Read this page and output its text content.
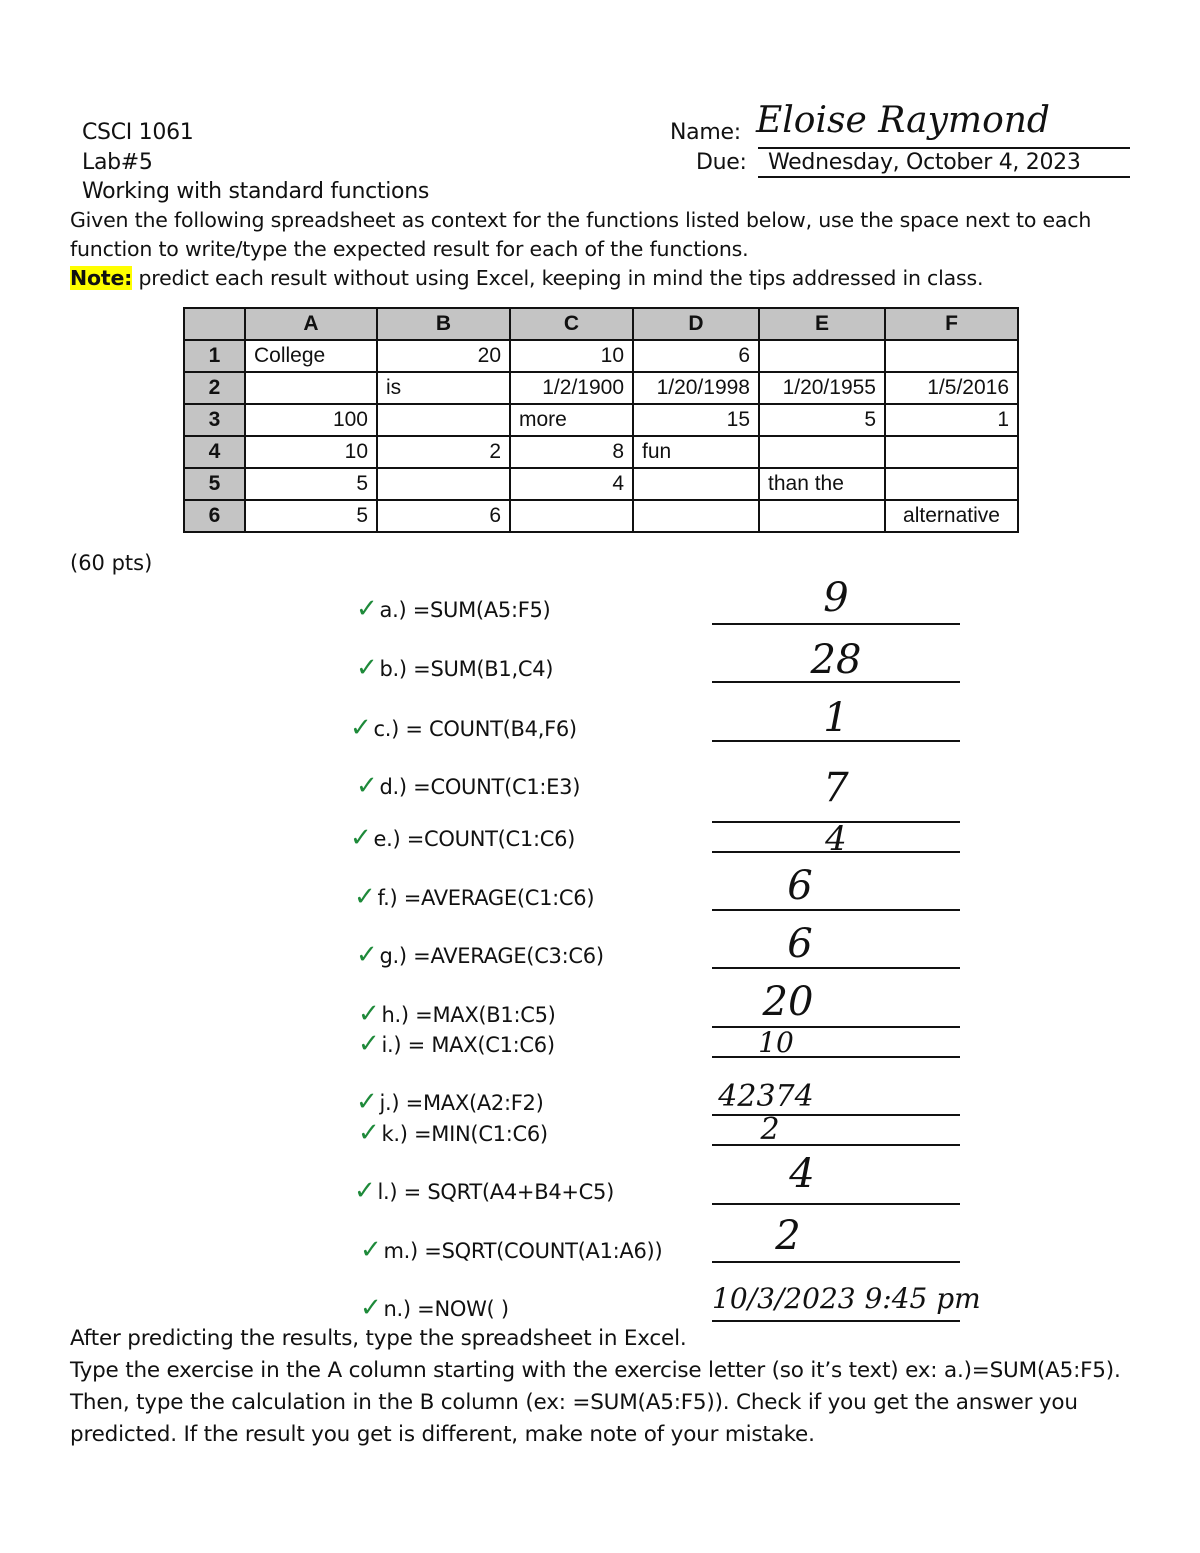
CSCI 1061
Lab#5
Working with standard functions
Name: Eloise Raymond
Due: Wednesday, October 4, 2023
Given the following spreadsheet as context for the functions listed below, use the space next to each function to write/type the expected result for each of the functions.
Note: predict each result without using Excel, keeping in mind the tips addressed in class.
	A	B	C	D	E	F
1	College	20	10	6		
2		is	1/2/1900	1/20/1998	1/20/1955	1/5/2016
3	100		more	15	5	1
4	10	2	8	fun		
5	5		4		than the	
6	5	6				alternative
(60 pts)
✓a.) =SUM(A5:F5)	9
✓b.) =SUM(B1,C4)	28
✓c.) = COUNT(B4,F6)	1
✓d.) =COUNT(C1:E3)	7
✓e.) =COUNT(C1:C6)	4
✓f.) =AVERAGE(C1:C6)	6
✓g.) =AVERAGE(C3:C6)	6
✓h.) =MAX(B1:C5)	20
✓i.) = MAX(C1:C6)	10
✓j.) =MAX(A2:F2)	42374
✓k.) =MIN(C1:C6)	2
✓l.) = SQRT(A4+B4+C5)	4
✓m.) =SQRT(COUNT(A1:A6))	2
✓n.) =NOW( )	10/3/2023 9:45 pm
After predicting the results, type the spreadsheet in Excel.
Type the exercise in the A column starting with the exercise letter (so it’s text) ex: a.)=SUM(A5:F5). Then, type the calculation in the B column (ex: =SUM(A5:F5)). Check if you get the answer you predicted. If the result you get is different, make note of your mistake.
